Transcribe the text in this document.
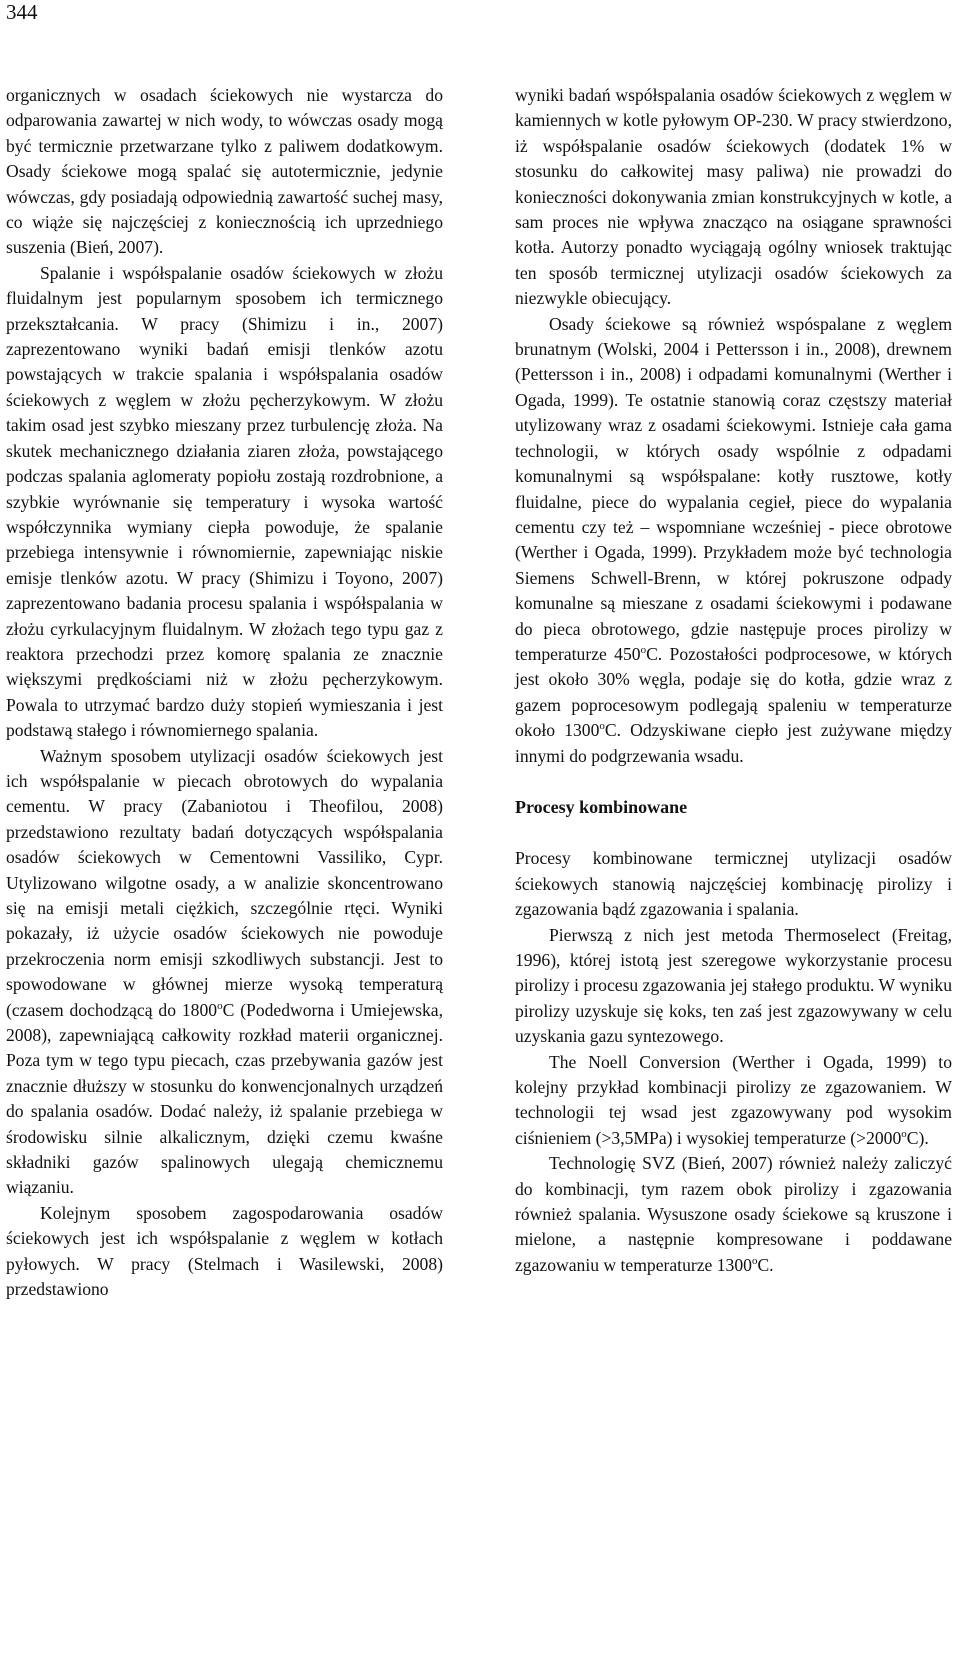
344

organicznych w osadach ściekowych nie wystarcza do odparowania zawartej w nich wody, to wówczas osady mogą być termicznie przetwarzane tylko z paliwem dodatkowym. Osady ściekowe mogą spalać się autotermicznie, jedynie wówczas, gdy posiadają odpowiednią zawartość suchej masy, co wiąże się najczęściej z koniecznością ich uprzedniego suszenia (Bień, 2007).

Spalanie i współspalanie osadów ściekowych w złożu fluidalnym jest popularnym sposobem ich termicznego przekształcania. W pracy (Shimizu i in., 2007) zaprezentowano wyniki badań emisji tlenków azotu powstających w trakcie spalania i współspalania osadów ściekowych z węglem w złożu pęcherzykowym. W złożu takim osad jest szybko mieszany przez turbulencję złoża. Na skutek mechanicznego działania ziaren złoża, powstającego podczas spalania aglomeraty popiołu zostają rozdrobnione, a szybkie wyrównanie się temperatury i wysoka wartość współczynnika wymiany ciepła powoduje, że spalanie przebiega intensywnie i równomiernie, zapewniając niskie emisje tlenków azotu. W pracy (Shimizu i Toyono, 2007) zaprezentowano badania procesu spalania i współspalania w złożu cyrkulacyjnym fluidalnym. W złożach tego typu gaz z reaktora przechodzi przez komorę spalania ze znacznie większymi prędkościami niż w złożu pęcherzykowym. Powala to utrzymać bardzo duży stopień wymieszania i jest podstawą stałego i równomiernego spalania.

Ważnym sposobem utylizacji osadów ściekowych jest ich współspalanie w piecach obrotowych do wypalania cementu. W pracy (Zabaniotou i Theofilou, 2008) przedstawiono rezultaty badań dotyczących współspalania osadów ściekowych w Cementowni Vassiliko, Cypr. Utylizowano wilgotne osady, a w analizie skoncentrowano się na emisji metali ciężkich, szczególnie rtęci. Wyniki pokazały, iż użycie osadów ściekowych nie powoduje przekroczenia norm emisji szkodliwych substancji. Jest to spowodowane w głównej mierze wysoką temperaturą (czasem dochodzącą do 1800$^o$C (Podedworna i Umiejewska, 2008), zapewniającą całkowity rozkład materii organicznej. Poza tym w tego typu piecach, czas przebywania gazów jest znacznie dłuższy w stosunku do konwencjonalnych urządzeń do spalania osadów. Dodać należy, iż spalanie przebiega w środowisku silnie alkalicznym, dzięki czemu kwaśne składniki gazów spalinowych ulegają chemicznemu wiązaniu.

Kolejnym sposobem zagospodarowania osadów ściekowych jest ich współspalanie z węglem w kotłach pyłowych. W pracy (Stelmach i Wasilewski, 2008) przedstawiono

wyniki badań współspalania osadów ściekowych z węglem w kamiennych w kotle pyłowym OP-230. W pracy stwierdzono, iż współspalanie osadów ściekowych (dodatek 1% w stosunku do całkowitej masy paliwa) nie prowadzi do konieczności dokonywania zmian konstrukcyjnych w kotle, a sam proces nie wpływa znacząco na osiągane sprawności kotła. Autorzy ponadto wyciągają ogólny wniosek traktując ten sposób termicznej utylizacji osadów ściekowych za niezwykle obiecujący.

Osady ściekowe są również wspóspalane z węglem brunatnym (Wolski, 2004 i Pettersson i in., 2008), drewnem (Pettersson i in., 2008) i odpadami komunalnymi (Werther i Ogada, 1999). Te ostatnie stanowią coraz częstszy materiał utylizowany wraz z osadami ściekowymi. Istnieje cała gama technologii, w których osady wspólnie z odpadami komunalnymi są współspalane: kotły rusztowe, kotły fluidalne, piece do wypalania cegieł, piece do wypalania cementu czy też – wspomniane wcześniej - piece obrotowe (Werther i Ogada, 1999). Przykładem może być technologia Siemens Schwell-Brenn, w której pokruszone odpady komunalne są mieszane z osadami ściekowymi i podawane do pieca obrotowego, gdzie następuje proces pirolizy w temperaturze 450$^o$C. Pozostałości podprocesowe, w których jest około 30% węgla, podaje się do kotła, gdzie wraz z gazem poprocesowym podlegają spaleniu w temperaturze około 1300$^o$C. Odzyskiwane ciepło jest zużywane między innymi do podgrzewania wsadu.

Procesy kombinowane

Procesy kombinowane termicznej utylizacji osadów ściekowych stanowią najczęściej kombinację pirolizy i zgazowania bądź zgazowania i spalania.

Pierwszą z nich jest metoda Thermoselect (Freitag, 1996), której istotą jest szeregowe wykorzystanie procesu pirolizy i procesu zgazowania jej stałego produktu. W wyniku pirolizy uzyskuje się koks, ten zaś jest zgazowywany w celu uzyskania gazu syntezowego.

The Noell Conversion (Werther i Ogada, 1999) to kolejny przykład kombinacji pirolizy ze zgazowaniem. W technologii tej wsad jest zgazowywany pod wysokim ciśnieniem (>3,5MPa) i wysokiej temperaturze $(>2000^oC)$.

Technologię SVZ (Bień, 2007) również należy zaliczyć do kombinacji, tym razem obok pirolizy i zgazowania również spalania. Wysuszone osady ściekowe są kruszone i mielone, a następnie kompresowane i poddawane zgazowaniu w temperaturze 1300$^o$C.
